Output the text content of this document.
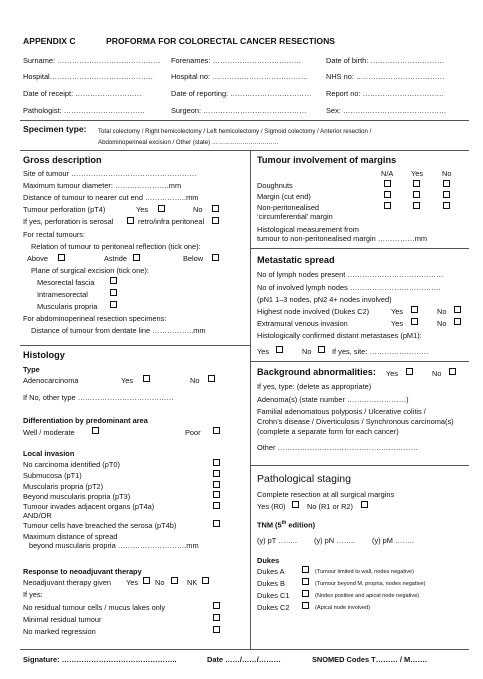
APPENDIX C	PROFORMA FOR COLORECTAL CANCER RESECTIONS
Surname: …………………………………… Forenames: ………………………………	Date of birth: …………………………
Hospital…………………………………… Hospital no: ………………………………… NHS no: ………………………………
Date of receipt: ………………………	Date of reporting: …………………………… Report no: ……………………………
Pathologist: ……………………………	Surgeon: ……………………………………	Sex: ……………………………………
Specimen type: Total colectomy / Right hemicolectomy / Left hemicolectomy / Sigmoid colectomy / Anterior resection /
Abdominoperineal excision / Other (state) ……………………………
Gross description
Site of tumour ……………………………………………
Maximum tumour diameter: ………………….mm
Distance of tumour to nearer cut end ……………..mm
Tumour perforation (pT4)	Yes	No
If yes, perforation is serosal	retro/infra peritoneal
For rectal tumours:
Relation of tumour to peritoneal reflection (tick one):
Above	Astride	Below
Plane of surgical excision (tick one):
Mesorectal fascia
Intramesorectal
Muscularis propria
For abdominoperineal resection specimens:
Distance of tumour from dentate line ……………..mm
Histology
Type
Adenocarcinoma	Yes	No
If No, other type …………………………………
Differentiation by predominant area
Well / moderate	Poor
Local invasion
No carcinoma identified (pT0)
Submucosa (pT1)
Muscularis propria (pT2)
Beyond muscularis propria (pT3)
Tumour invades adjacent organs (pT4a)
AND/OR
Tumour cells have breached the serosa (pT4b)
Maximum distance of spread
beyond muscularis propria ……………………….mm
Response to neoadjuvant therapy
Neoadjuvant therapy given Yes No	NK
If yes:
No residual tumour cells / mucus lakes only
Minimal residual tumour
No marked regression
Tumour involvement of margins
N/A Yes	No
Doughnuts
Margin (cut end)
Non-peritonealised
‘circumferential’ margin
Histological measurement from
tumour to non-peritonealised margin ……………mm
Metastatic spread
No of lymph nodes present …………………………………
No of involved lymph nodes ……………………………….
(pN1 1–3 nodes, pN2 4+ nodes involved)
Highest node involved (Dukes C2)	Yes	No
Extramural venous invasion	Yes	No
Histologically confirmed distant metastases (pM1):
Yes	No	If yes, site: ……………………
Background abnormalities: Yes	No
If yes, type: (delete as appropriate)
Adenoma(s) (state number ……………………)
Familial adenomatous polyposis / Ulcerative colitis /
Crohn’s disease / Diverticulosis / Synchronous carcinoma(s)
(complete a separate form for each cancer)
Other …………………………………………………
Pathological staging
Complete resection at all surgical margins
Yes (R0)	No (R1 or R2)
TNM (5th edition)
(y) pT …….. (y) pN …….. (y) pM ……..
Dukes
Dukes A	(Tumour limited to wall, nodes negative)
Dukes B	(Tumour beyond M. propria, nodes negative)
Dukes C1	(Nodes positive and apical node negative)
Dukes C2	(Apical node involved)
Signature: ………………………………………..	Date ……/……/………	SNOMED Codes T……… / M…….
